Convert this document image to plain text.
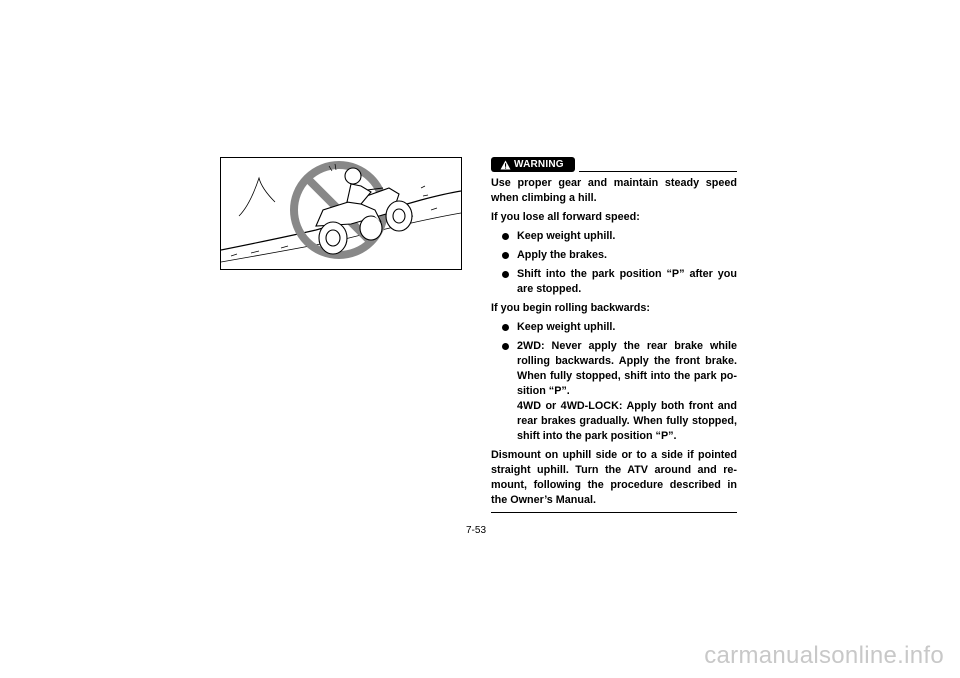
WARNING

Use proper gear and maintain steady speed when climbing a hill.

If you lose all forward speed:

Keep weight uphill.
Apply the brakes.
Shift into the park position “P” after you are stopped.

If you begin rolling backwards:

Keep weight uphill.
2WD: Never apply the rear brake while rolling backwards. Apply the front brake. When fully stopped, shift into the park po-sition “P”.
4WD or 4WD-LOCK: Apply both front and rear brakes gradually. When fully stopped, shift into the park position “P”.

Dismount on uphill side or to a side if pointed straight uphill. Turn the ATV around and re-mount, following the procedure described in the Owner’s Manual.

7-53
carmanualsonline.info
